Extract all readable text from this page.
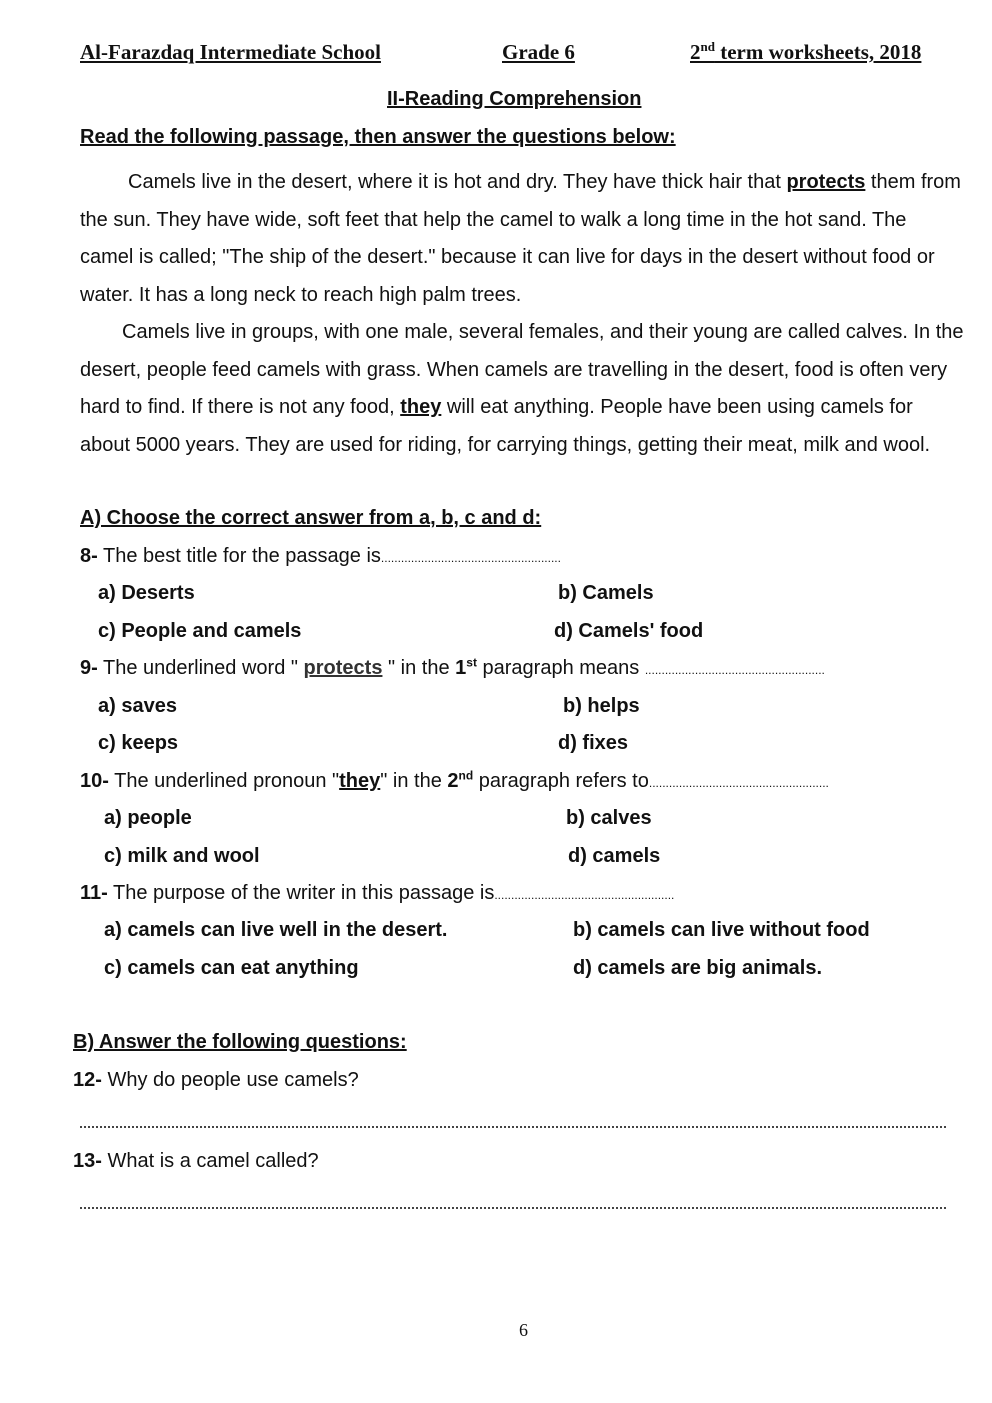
Al-Farazdaq Intermediate School	Grade 6	2nd term worksheets, 2018
II-Reading Comprehension
Read the following passage, then answer the questions below:

Camels live in the desert, where it is hot and dry. They have thick hair that protects them from the sun. They have wide, soft feet that help the camel to walk a long time in the hot sand. The camel is called; "The ship of the desert." because it can live for days in the desert without food or water. It has a long neck to reach high palm trees.

Camels live in groups, with one male, several females, and their young are called calves. In the desert, people feed camels with grass. When camels are travelling in the desert, food is often very hard to find. If there is not any food, they will eat anything. People have been using camels for about 5000 years. They are used for riding, for carrying things, getting their meat, milk and wool.

A) Choose the correct answer from a, b, c and d:
8- The best title for the passage is......................................................
a) Deserts	b) Camels
c) People and camels	d) Camels' food
9- The underlined word " protects " in the 1st paragraph means ......................................................
a) saves	b) helps
c) keeps	d) fixes
10- The underlined pronoun "they" in the 2nd paragraph refers to......................................................
a) people	b) calves
c) milk and wool	d) camels
11- The purpose of the writer in this passage is......................................................
a) camels can live well in the desert.	b) camels can live without food
c) camels can eat anything	d) camels are big animals.
B) Answer the following questions:
12- Why do people use camels?
13- What is a camel called?
6
